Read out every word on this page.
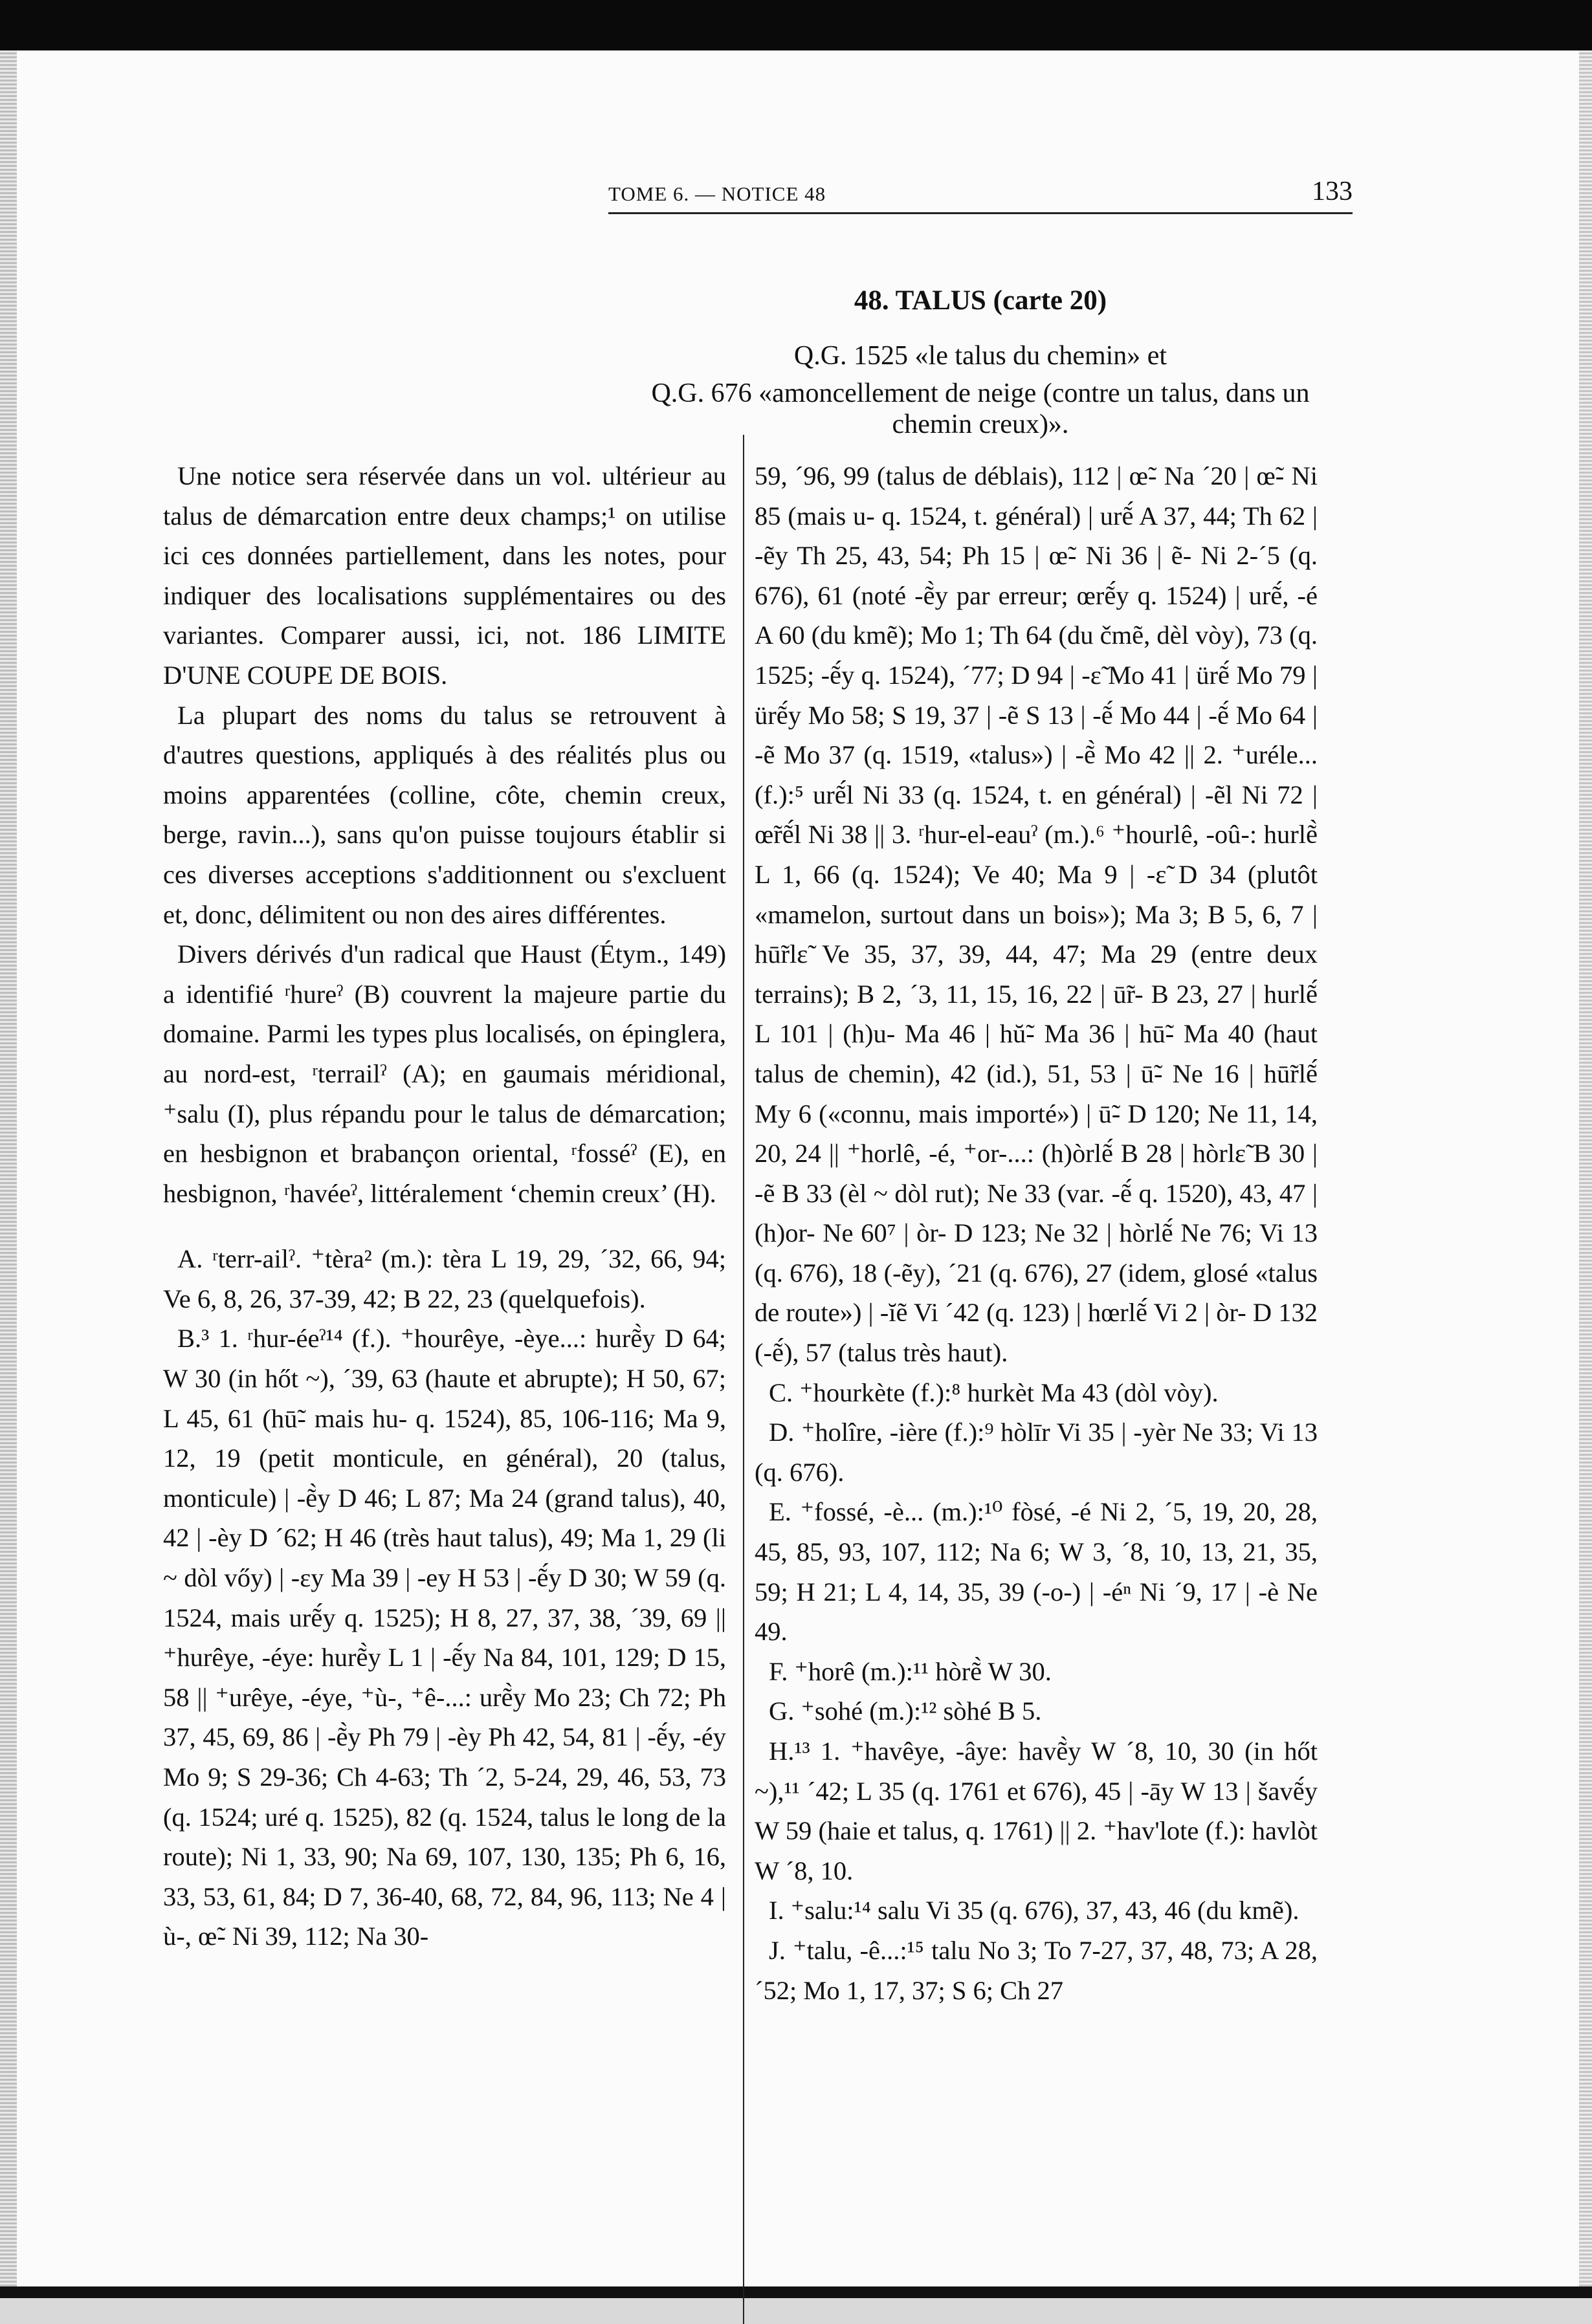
TOME 6. — NOTICE 48	133
48. TALUS (carte 20)
Q.G. 1525 «le talus du chemin» et
Q.G. 676 «amoncellement de neige (contre un talus, dans un chemin creux)».

Une notice sera réservée dans un vol. ultérieur au talus de démarcation entre deux champs;¹ on utilise ici ces données partiellement, dans les notes, pour indiquer des localisations supplémentaires ou des variantes. Comparer aussi, ici, not. 186 LIMITE D'UNE COUPE DE BOIS.

La plupart des noms du talus se retrouvent à d'autres questions, appliqués à des réalités plus ou moins apparentées (colline, côte, chemin creux, berge, ravin...), sans qu'on puisse toujours établir si ces diverses acceptions s'additionnent ou s'excluent et, donc, délimitent ou non des aires différentes.

Divers dérivés d'un radical que Haust (Étym., 149) a identifié ʳhureˀ (B) couvrent la majeure partie du domaine. Parmi les types plus localisés, on épinglera, au nord-est, ʳterrailˀ (A); en gaumais méridional, ⁺salu (I), plus répandu pour le talus de démarcation; en hesbignon et brabançon oriental, ʳfosséˀ (E), en hesbignon, ʳhavéeˀ, littéralement ‘chemin creux’ (H).

A. ʳterr-ailˀ. ⁺tèra² (m.): tèra L 19, 29, ´32, 66, 94; Ve 6, 8, 26, 37-39, 42; B 22, 23 (quelquefois).

B.³ 1. ʳhur-éeˀ¹⁴ (f.). ⁺hourêye, -èye...: hurẽ̀y D 64; W 30 (in hőt ~), ´39, 63 (haute et abrupte); H 50, 67; L 45, 61 (hū̃- mais hu- q. 1524), 85, 106-116; Ma 9, 12, 19 (petit monticule, en général), 20 (talus, monticule) | -ẽ̀y D 46; L 87; Ma 24 (grand talus), 40, 42 | -èy D ´62; H 46 (très haut talus), 49; Ma 1, 29 (li ~ dòl vőy) | -ɛy Ma 39 | -ey H 53 | -ẽ́y D 30; W 59 (q. 1524, mais urẽ́y q. 1525); H 8, 27, 37, 38, ´39, 69 || ⁺hurêye, -éye: hurẽ̀y L 1 | -ẽ́y Na 84, 101, 129; D 15, 58 || ⁺urêye, -éye, ⁺ù-, ⁺ê-...: urẽ̀y Mo 23; Ch 72; Ph 37, 45, 69, 86 | -ẽ̀y Ph 79 | -èy Ph 42, 54, 81 | -ẽ́y, -éy Mo 9; S 29-36; Ch 4-63; Th ´2, 5-24, 29, 46, 53, 73 (q. 1524; uré q. 1525), 82 (q. 1524, talus le long de la route); Ni 1, 33, 90; Na 69, 107, 130, 135; Ph 6, 16, 33, 53, 61, 84; D 7, 36-40, 68, 72, 84, 96, 113; Ne 4 | ù-, œ̃- Ni 39, 112; Na 30-

59, ´96, 99 (talus de déblais), 112 | œ̃- Na ´20 | œ̃- Ni 85 (mais u- q. 1524, t. général) | urẽ́ A 37, 44; Th 62 | -ẽy Th 25, 43, 54; Ph 15 | œ̃- Ni 36 | ẽ- Ni 2-´5 (q. 676), 61 (noté -ẽ̀y par erreur; œrẽ́y q. 1524) | urẽ́, -é A 60 (du kmẽ); Mo 1; Th 64 (du čmẽ, dèl vòy), 73 (q. 1525; -ẽ́y q. 1524), ´77; D 94 | -ɛ̃ Mo 41 | ürẽ́ Mo 79 | ürẽ́y Mo 58; S 19, 37 | -ẽ S 13 | -ẽ́ Mo 44 | -ẽ́ Mo 64 | -ẽ Mo 37 (q. 1519, «talus») | -ẽ̀ Mo 42 || 2. ⁺uréle... (f.):⁵ urẽ́l Ni 33 (q. 1524, t. en général) | -ẽl Ni 72 | œ̃rẽ́l Ni 38 || 3. ʳhur-el-eauˀ (m.).⁶ ⁺hourlê, -oû-: hurlẽ̀ L 1, 66 (q. 1524); Ve 40; Ma 9 | -ɛ̃ D 34 (plutôt «mamelon, surtout dans un bois»); Ma 3; B 5, 6, 7 | hū̃rlɛ̃ Ve 35, 37, 39, 44, 47; Ma 29 (entre deux terrains); B 2, ´3, 11, 15, 16, 22 | ū̃r- B 23, 27 | hurlẽ́ L 101 | (h)u- Ma 46 | hŭ̃- Ma 36 | hū̃- Ma 40 (haut talus de chemin), 42 (id.), 51, 53 | ū̃- Ne 16 | hū̃rlẽ́ My 6 («connu, mais importé») | ū̃- D 120; Ne 11, 14, 20, 24 || ⁺horlê, -é, ⁺or-...: (h)òrlẽ́ B 28 | hòrlɛ̃ B 30 | -ẽ B 33 (èl ~ dòl rut); Ne 33 (var. -ẽ́ q. 1520), 43, 47 | (h)or- Ne 60⁷ | òr- D 123; Ne 32 | hòrlẽ́ Ne 76; Vi 13 (q. 676), 18 (-ẽy), ´21 (q. 676), 27 (idem, glosé «talus de route») | -ĭẽ Vi ´42 (q. 123) | hœrlẽ́ Vi 2 | òr- D 132 (-ẽ́), 57 (talus très haut).

C. ⁺hourkète (f.):⁸ hurkèt Ma 43 (dòl vòy).

D. ⁺holîre, -ière (f.):⁹ hòlīr Vi 35 | -yèr Ne 33; Vi 13 (q. 676).

E. ⁺fossé, -è... (m.):¹⁰ fòsé, -é Ni 2, ´5, 19, 20, 28, 45, 85, 93, 107, 112; Na 6; W 3, ´8, 10, 13, 21, 35, 59; H 21; L 4, 14, 35, 39 (-o-) | -éⁿ Ni ´9, 17 | -è Ne 49.

F. ⁺horê (m.):¹¹ hòrẽ̀ W 30.

G. ⁺sohé (m.):¹² sòhé B 5.

H.¹³ 1. ⁺havêye, -âye: havẽ̀y W ´8, 10, 30 (in hőt ~),¹¹ ´42; L 35 (q. 1761 et 676), 45 | -āy W 13 | šavẽ́y W 59 (haie et talus, q. 1761) || 2. ⁺hav'lote (f.): havlòt W ´8, 10.

I. ⁺salu:¹⁴ salu Vi 35 (q. 676), 37, 43, 46 (du kmẽ).

J. ⁺talu, -ê...:¹⁵ talu No 3; To 7-27, 37, 48, 73; A 28, ´52; Mo 1, 17, 37; S 6; Ch 27
